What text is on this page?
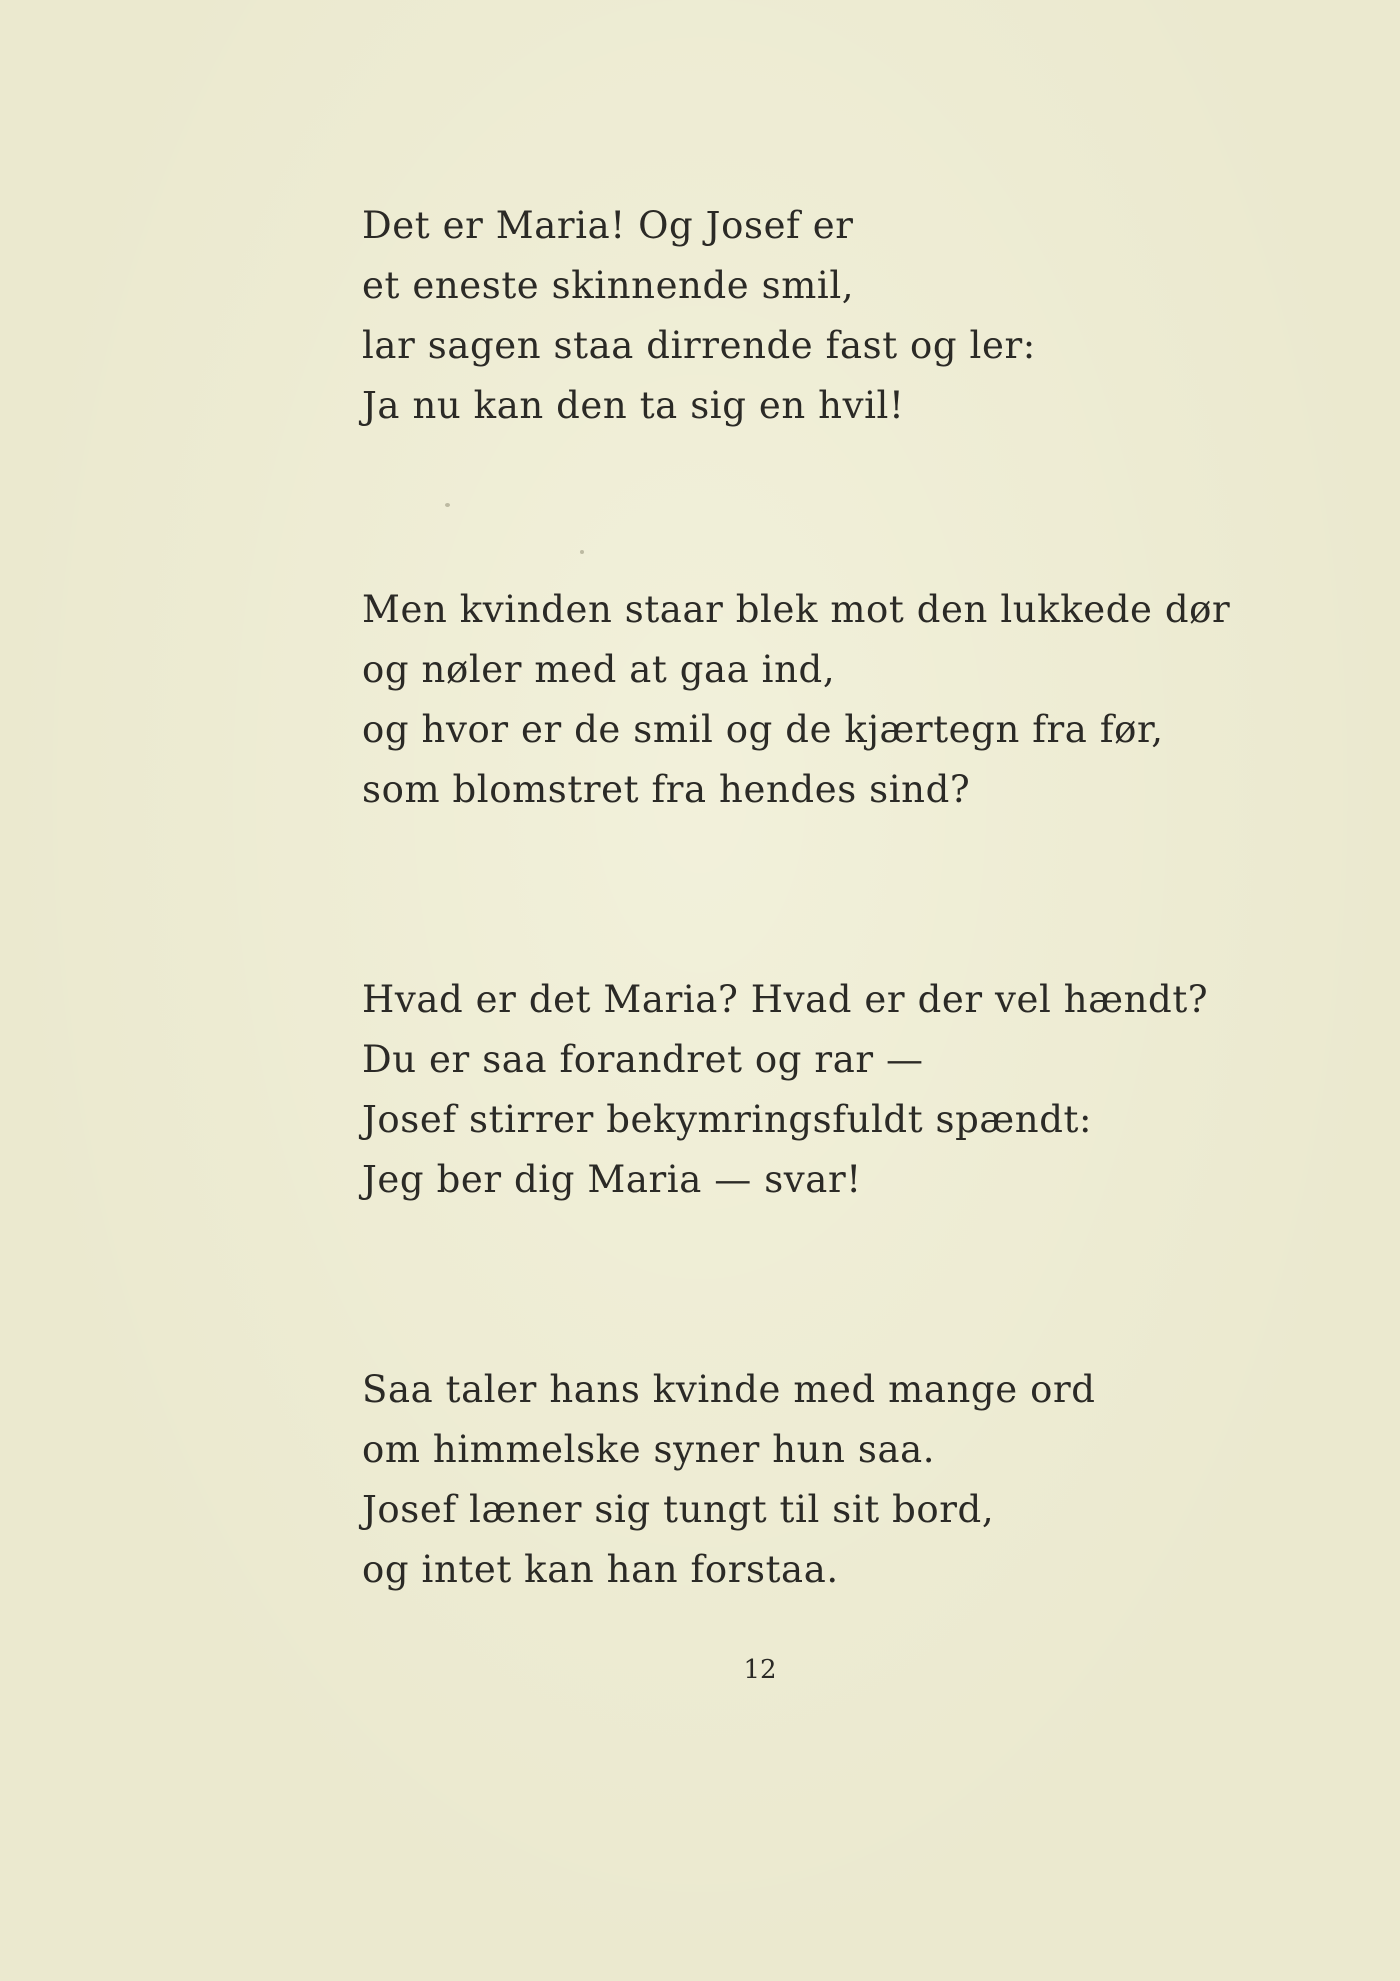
Det er Maria! Og Josef er
et eneste skinnende smil,
lar sagen staa dirrende fast og ler:
Ja nu kan den ta sig en hvil!
Men kvinden staar blek mot den lukkede dør
og nøler med at gaa ind,
og hvor er de smil og de kjærtegn fra før,
som blomstret fra hendes sind?
Hvad er det Maria? Hvad er der vel hændt?
Du er saa forandret og rar —
Josef stirrer bekymringsfuldt spændt:
Jeg ber dig Maria — svar!
Saa taler hans kvinde med mange ord
om himmelske syner hun saa.
Josef læner sig tungt til sit bord,
og intet kan han forstaa.
12
